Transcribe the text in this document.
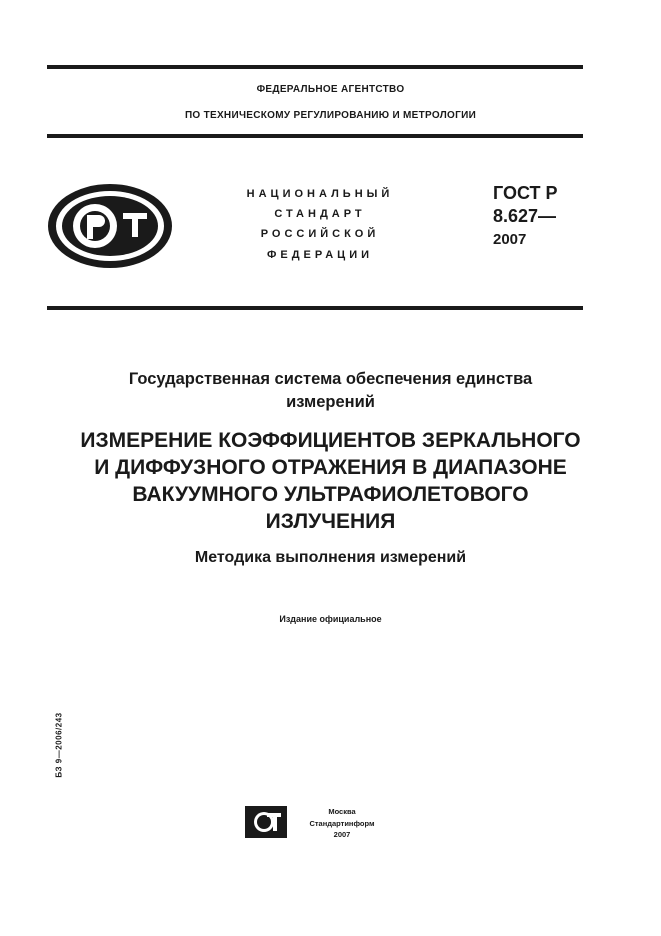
ФЕДЕРАЛЬНОЕ АГЕНТСТВО
ПО ТЕХНИЧЕСКОМУ РЕГУЛИРОВАНИЮ И МЕТРОЛОГИИ
НАЦИОНАЛЬНЫЙ
СТАНДАРТ
РОССИЙСКОЙ
ФЕДЕРАЦИИ
ГОСТ Р
8.627—
2007
Государственная система обеспечения единства
измерений
ИЗМЕРЕНИЕ КОЭФФИЦИЕНТОВ ЗЕРКАЛЬНОГО
И ДИФФУЗНОГО ОТРАЖЕНИЯ В ДИАПАЗОНЕ
ВАКУУМНОГО УЛЬТРАФИОЛЕТОВОГО
ИЗЛУЧЕНИЯ
Методика выполнения измерений
Издание официальное
БЗ 9—2006/243
Москва
Стандартинформ
2007
